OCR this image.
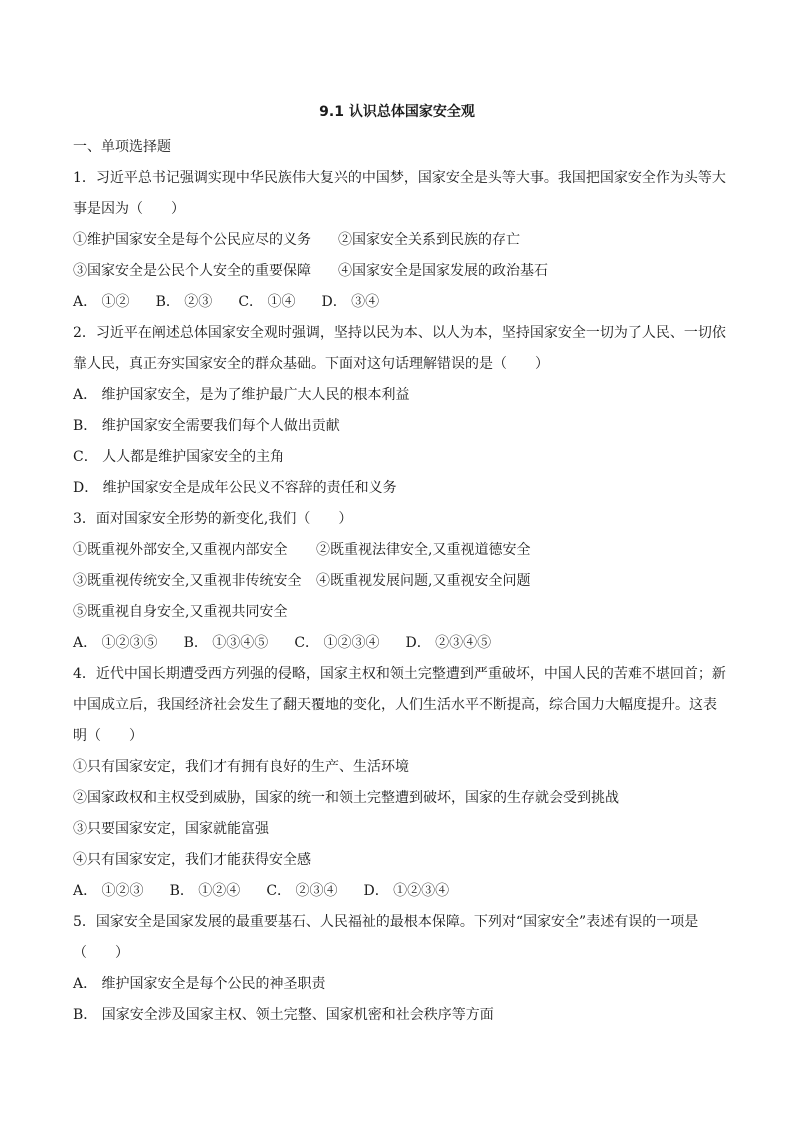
9.1 认识总体国家安全观
一、单项选择题
1．习近平总书记强调实现中华民族伟大复兴的中国梦，国家安全是头等大事。我国把国家安全作为头等大
事是因为（　　）
①维护国家安全是每个公民应尽的义务 ②国家安全关系到民族的存亡
③国家安全是公民个人安全的重要保障 ④国家安全是国家发展的政治基石
A． ①② B． ②③ C． ①④ D． ③④
2．习近平在阐述总体国家安全观时强调，坚持以民为本、以人为本，坚持国家安全一切为了人民、一切依
靠人民，真正夯实国家安全的群众基础。下面对这句话理解错误的是（　　）
A． 维护国家安全，是为了维护最广大人民的根本利益
B． 维护国家安全需要我们每个人做出贡献
C． 人人都是维护国家安全的主角
D． 维护国家安全是成年公民义不容辞的责任和义务
3．面对国家安全形势的新变化,我们（　　）
①既重视外部安全,又重视内部安全 ②既重视法律安全,又重视道德安全
③既重视传统安全,又重视非传统安全 ④既重视发展问题,又重视安全问题
⑤既重视自身安全,又重视共同安全
A． ①②③⑤ B． ①③④⑤ C． ①②③④ D． ②③④⑤
4．近代中国长期遭受西方列强的侵略，国家主权和领土完整遭到严重破坏，中国人民的苦难不堪回首；新
中国成立后，我国经济社会发生了翻天覆地的变化，人们生活水平不断提高，综合国力大幅度提升。这表
明（　　）
①只有国家安定，我们才有拥有良好的生产、生活环境
②国家政权和主权受到威胁，国家的统一和领土完整遭到破坏，国家的生存就会受到挑战
③只要国家安定，国家就能富强
④只有国家安定，我们才能获得安全感
A． ①②③ B． ①②④ C． ②③④ D． ①②③④
5．国家安全是国家发展的最重要基石、人民福祉的最根本保障。下列对“国家安全”表述有误的一项是
（　　）
A． 维护国家安全是每个公民的神圣职责
B． 国家安全涉及国家主权、领土完整、国家机密和社会秩序等方面
